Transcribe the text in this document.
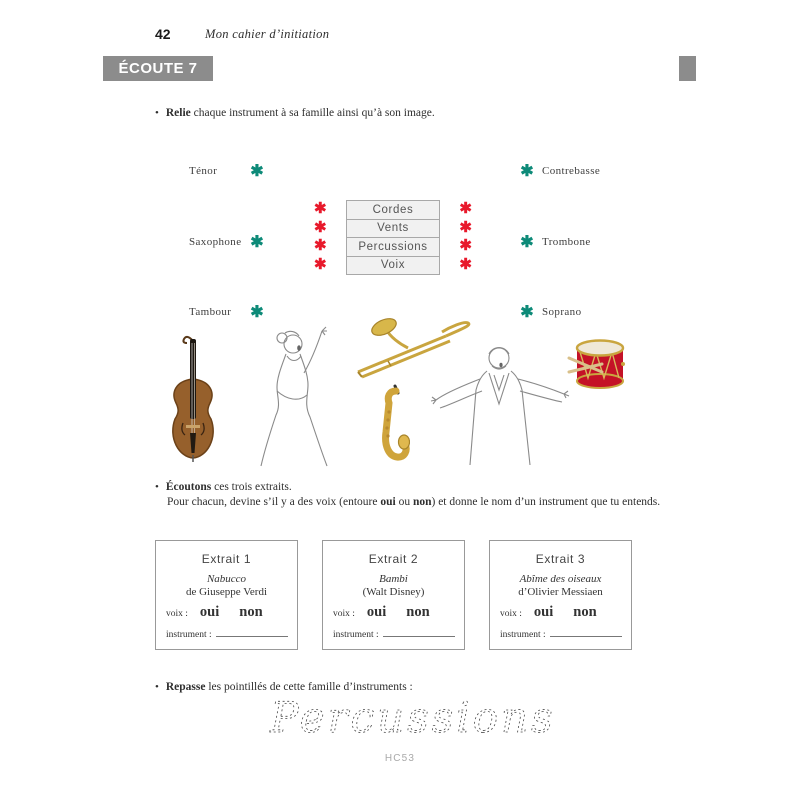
42	Mon cahier d’initiation
ÉCOUTE 7
• Relie chaque instrument à sa famille ainsi qu’à son image.
Ténor ✱	✱ Contrebasse
Saxophone ✱	✱ Trombone
Tambour ✱	✱ Soprano
✱	Cordes	✱
✱	Vents	✱
✱	Percussions	✱
✱	Voix	✱
• Écoutons ces trois extraits.
Pour chacun, devine s’il y a des voix (entoure oui ou non) et donne le nom d’un instrument que tu entends.
Extrait 1
Nabucco
de Giuseppe Verdi
voix : oui non
instrument :
Extrait 2
Bambi
(Walt Disney)
voix : oui non
instrument :
Extrait 3
Abîme des oiseaux
d’Olivier Messiaen
voix : oui non
instrument :
• Repasse les pointillés de cette famille d’instruments :
Percussions
HC53
